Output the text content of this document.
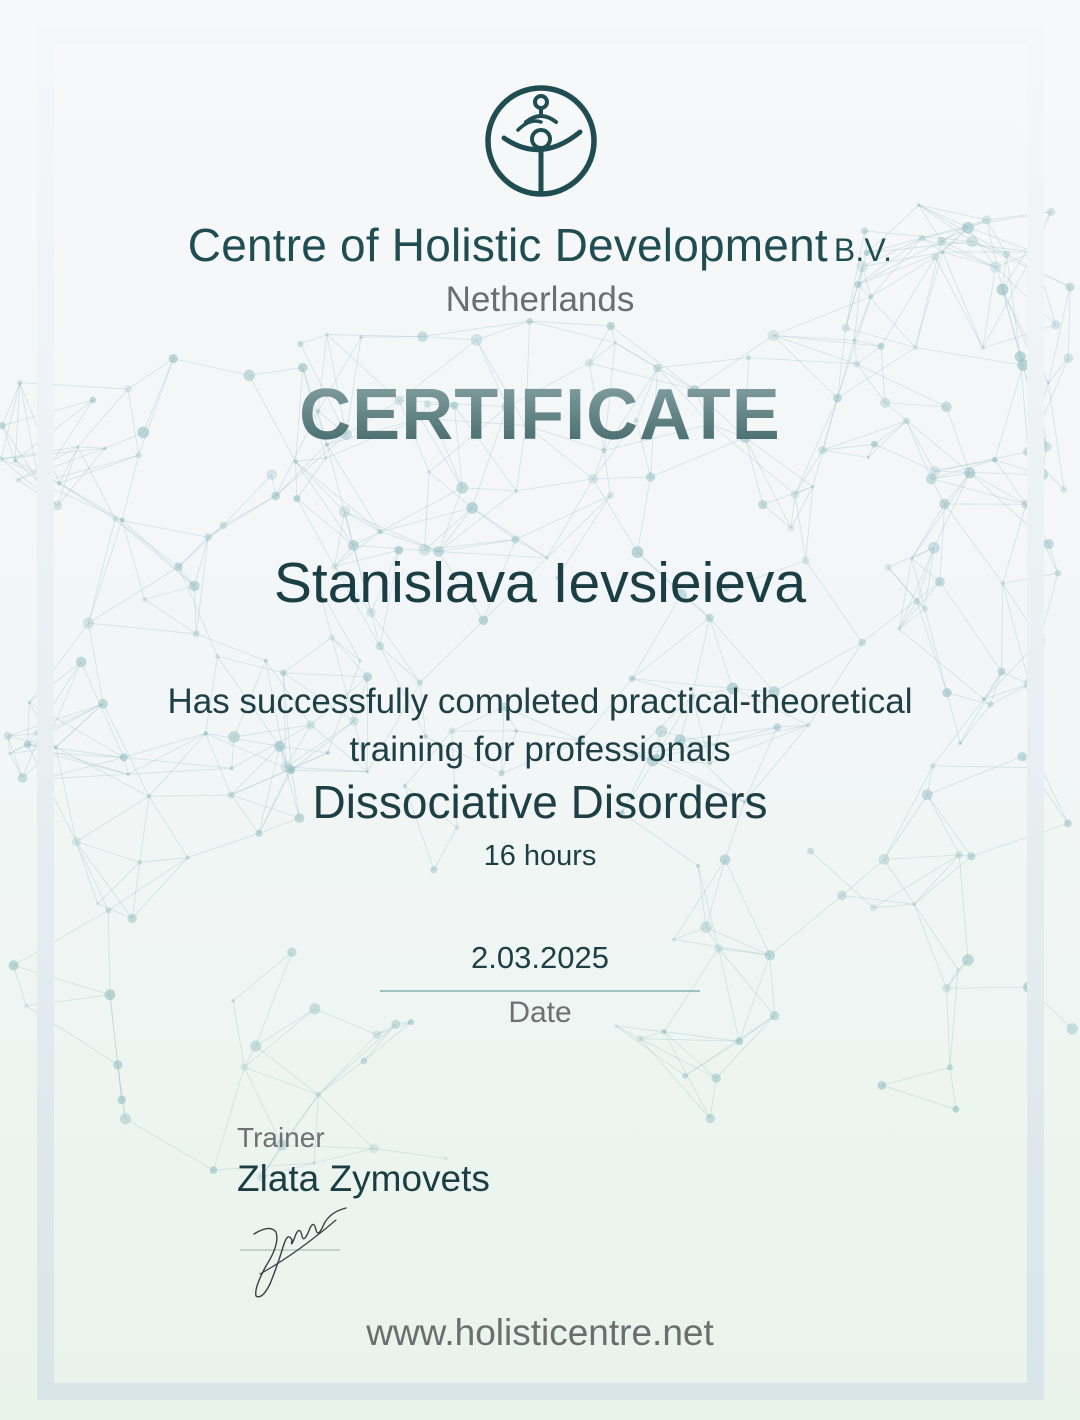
Centre of Holistic Development B.V.
Netherlands
CERTIFICATE
Stanislava Ievsieieva
Has successfully completed practical-theoretical
training for professionals
Dissociative Disorders
16 hours
2.03.2025
Date
Trainer
Zlata Zymovets
www.holisticentre.net
